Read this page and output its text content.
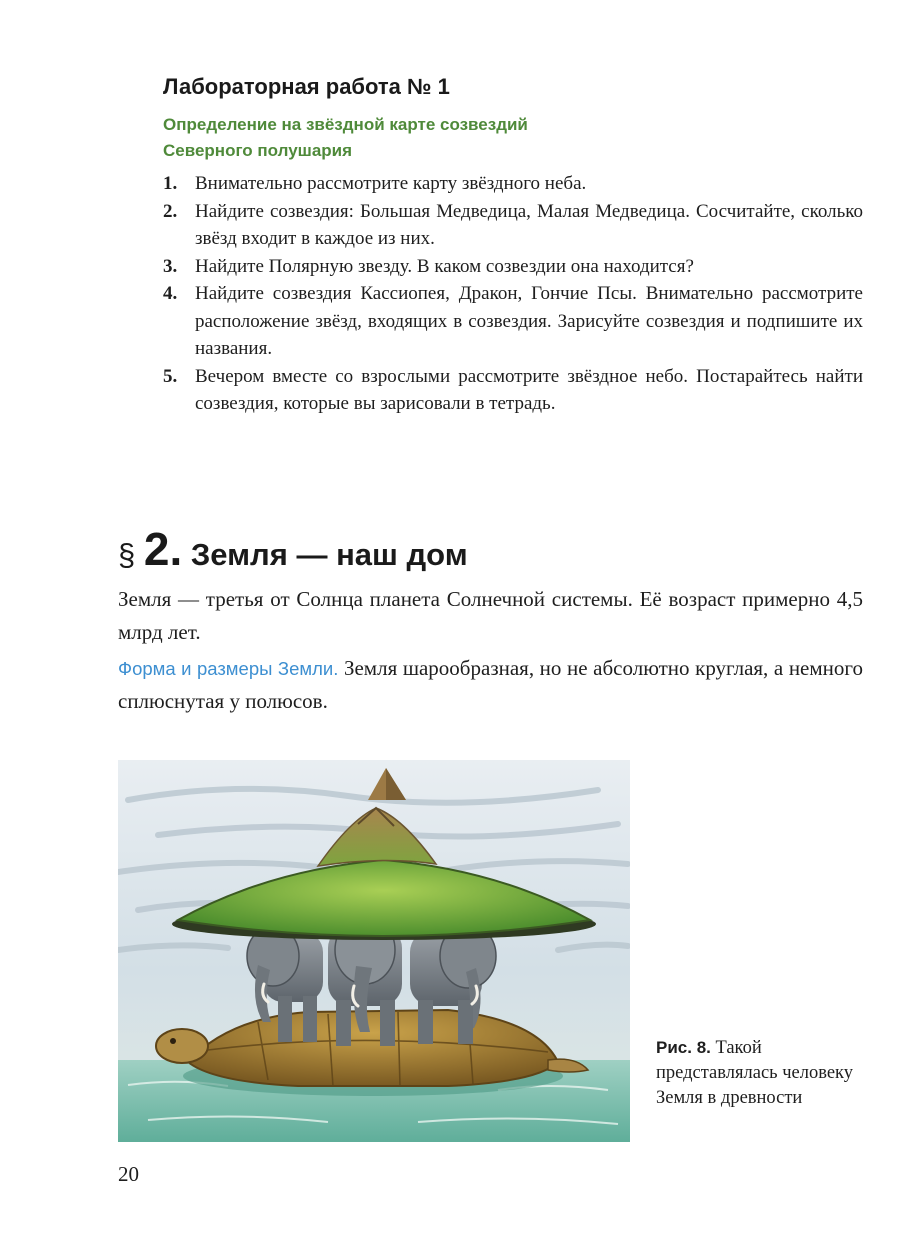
Лабораторная работа № 1
Определение на звёздной карте созвездий
Северного полушария
1. Внимательно рассмотрите карту звёздного неба.
2. Найдите созвездия: Большая Медведица, Малая Медведица. Сосчитайте, сколько звёзд входит в каждое из них.
3. Найдите Полярную звезду. В каком созвездии она находится?
4. Найдите созвездия Кассиопея, Дракон, Гончие Псы. Внимательно рассмотрите расположение звёзд, входящих в созвездия. Зарисуйте созвездия и подпишите их названия.
5. Вечером вместе со взрослыми рассмотрите звёздное небо. Постарайтесь найти созвездия, которые вы зарисовали в тетрадь.
§ 2. Земля — наш дом

Земля — третья от Солнца планета Солнечной системы. Её возраст примерно 4,5 млрд лет.

Форма и размеры Земли. Земля шарообразная, но не абсолютно круглая, а немного сплюснутая у полюсов.

Рис. 8. Такой представлялась человеку Земля в древности

20
